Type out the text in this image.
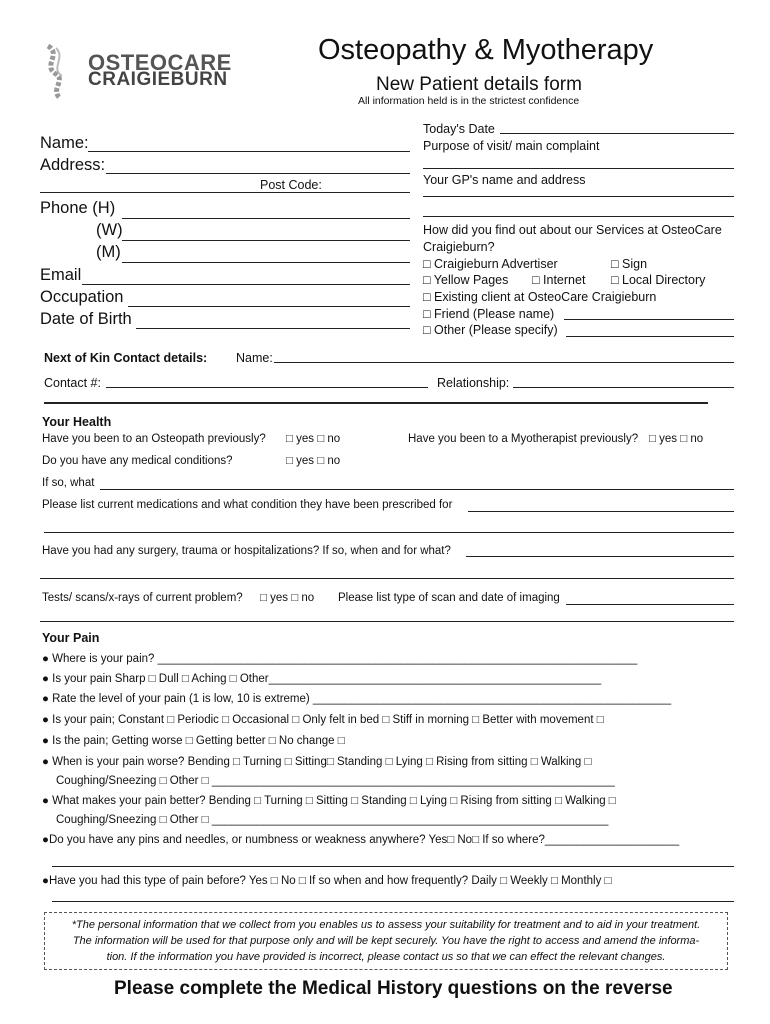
OSTEOCARE
CRAIGIEBURN
Osteopathy & Myotherapy
New Patient details form
All information held is in the strictest confidence
Name:
Address:
Post Code:
Phone (H)
(W)
(M)
Email
Occupation
Date of Birth
Today's Date
Purpose of visit/ main complaint
Your GP's name and address
How did you find out about our Services at OsteoCare
Craigieburn?
□ Craigieburn Advertiser	□ Sign
□ Yellow Pages □ Internet □ Local Directory
□ Existing client at OsteoCare Craigieburn
□ Friend (Please name)
□ Other (Please specify)
Next of Kin Contact details: Name:
Contact #:	Relationship:
Your Health
Have you been to an Osteopath previously? □ yes □ no	Have you been to a Myotherapist previously? □ yes □ no
Do you have any medical conditions?	□ yes □ no
If so, what
Please list current medications and what condition they have been prescribed for
Have you had any surgery, trauma or hospitalizations? If so, when and for what?
Tests/ scans/x-rays of current problem? □ yes □ no Please list type of scan and date of imaging
Your Pain
● Where is your pain? ___________________________________________________________________________
● Is your pain Sharp □ Dull □ Aching □ Other____________________________________________________
● Rate the level of your pain (1 is low, 10 is extreme) ________________________________________________________
● Is your pain; Constant □ Periodic □ Occasional □ Only felt in bed □ Stiff in morning □ Better with movement □
● Is the pain; Getting worse □ Getting better □ No change □
● When is your pain worse? Bending □ Turning □ Sitting□ Standing □ Lying □ Rising from sitting □ Walking □
Coughing/Sneezing □ Other □ _______________________________________________________________
● What makes your pain better? Bending □ Turning □ Sitting □ Standing □ Lying □ Rising from sitting □ Walking □
Coughing/Sneezing □ Other □ ______________________________________________________________
●Do you have any pins and needles, or numbness or weakness anywhere? Yes□ No□ If so where?_____________________
●Have you had this type of pain before? Yes □ No □ If so when and how frequently? Daily □ Weekly □ Monthly □
*The personal information that we collect from you enables us to assess your suitability for treatment and to aid in your treatment.
The information will be used for that purpose only and will be kept securely. You have the right to access and amend the informa-
tion. If the information you have provided is incorrect, please contact us so that we can effect the relevant changes.
Please complete the Medical History questions on the reverse
